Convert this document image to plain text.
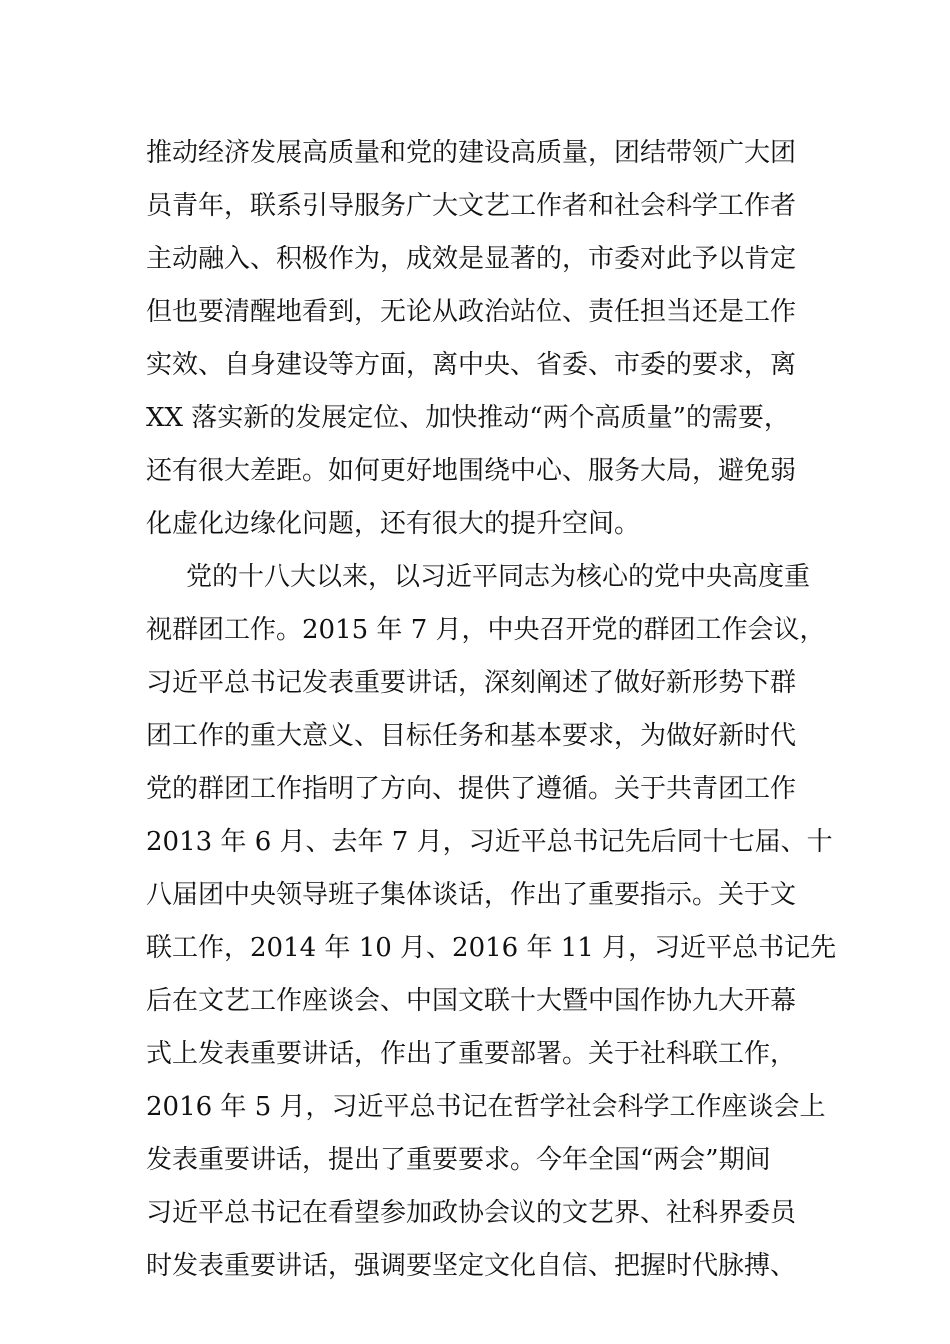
推动经济发展高质量和党的建设高质量，团结带领广大团
员青年，联系引导服务广大文艺工作者和社会科学工作者
主动融入、积极作为，成效是显著的，市委对此予以肯定
但也要清醒地看到，无论从政治站位、责任担当还是工作
实效、自身建设等方面，离中央、省委、市委的要求，离
XX 落实新的发展定位、加快推动“两个高质量”的需要，
还有很大差距。如何更好地围绕中心、服务大局，避免弱
化虚化边缘化问题，还有很大的提升空间。
党的十八大以来，以习近平同志为核心的党中央高度重
视群团工作。2015 年 7 月，中央召开党的群团工作会议，
习近平总书记发表重要讲话，深刻阐述了做好新形势下群
团工作的重大意义、目标任务和基本要求，为做好新时代
党的群团工作指明了方向、提供了遵循。关于共青团工作
2013 年 6 月、去年 7 月，习近平总书记先后同十七届、十
八届团中央领导班子集体谈话，作出了重要指示。关于文
联工作，2014 年 10 月、2016 年 11 月，习近平总书记先
后在文艺工作座谈会、中国文联十大暨中国作协九大开幕
式上发表重要讲话，作出了重要部署。关于社科联工作，
2016 年 5 月，习近平总书记在哲学社会科学工作座谈会上
发表重要讲话，提出了重要要求。今年全国“两会”期间
习近平总书记在看望参加政协会议的文艺界、社科界委员
时发表重要讲话，强调要坚定文化自信、把握时代脉搏、
